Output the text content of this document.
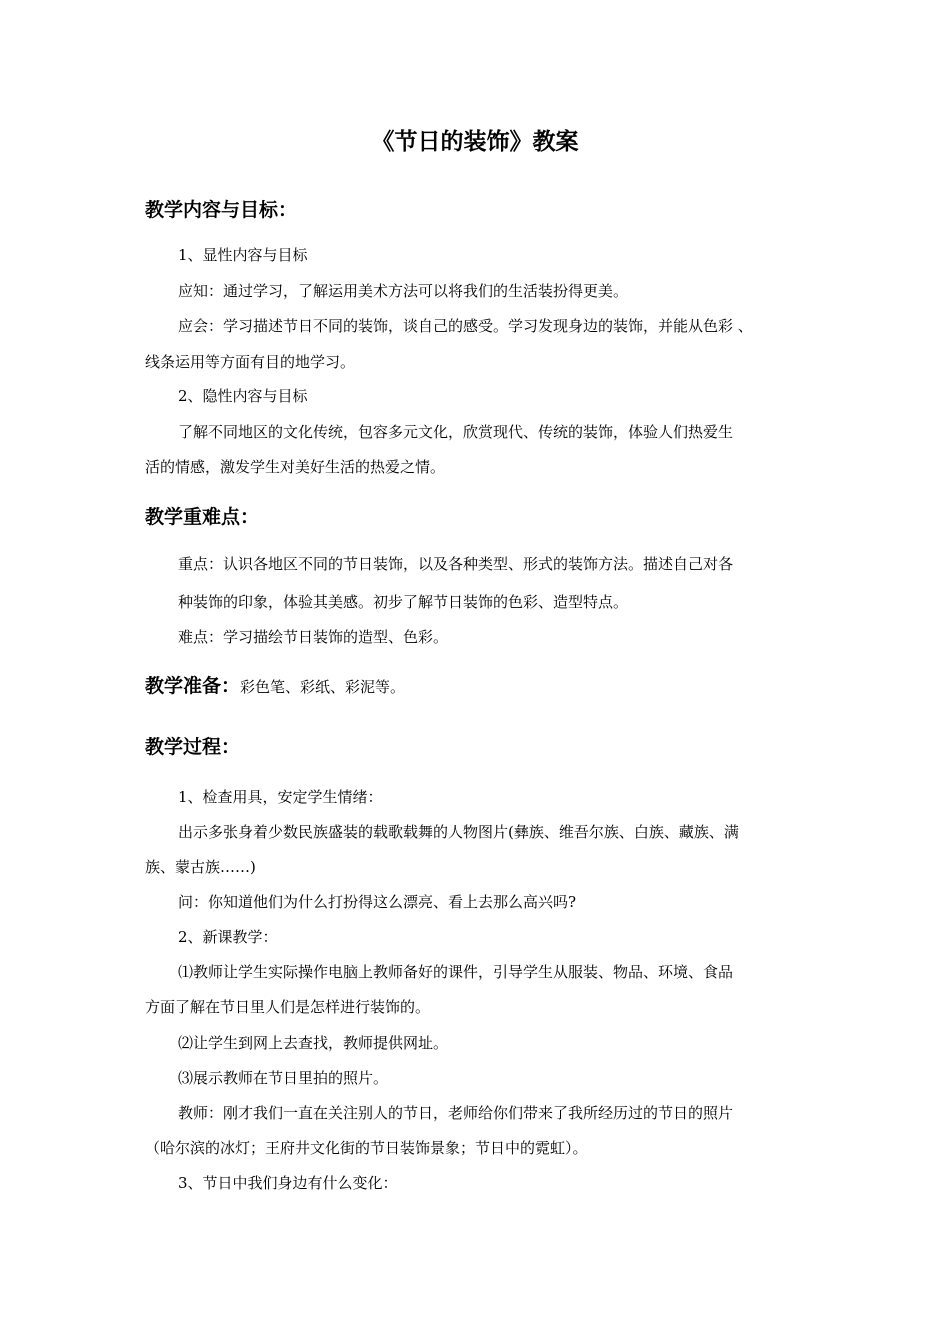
《节日的装饰》教案
教学内容与目标：
1、显性内容与目标
应知：通过学习，了解运用美术方法可以将我们的生活装扮得更美。
应会：学习描述节日不同的装饰，谈自己的感受。学习发现身边的装饰，并能从色彩 、
线条运用等方面有目的地学习。
2、隐性内容与目标
了解不同地区的文化传统，包容多元文化，欣赏现代、传统的装饰，体验人们热爱生
活的情感，激发学生对美好生活的热爱之情。
教学重难点：
重点：认识各地区不同的节日装饰，以及各种类型、形式的装饰方法。描述自己对各
种装饰的印象，体验其美感。初步了解节日装饰的色彩、造型特点。
难点：学习描绘节日装饰的造型、色彩。
教学准备：彩色笔、彩纸、彩泥等。
教学过程：
1、检查用具，安定学生情绪：
出示多张身着少数民族盛装的载歌载舞的人物图片(彝族、维吾尔族、白族、藏族、满
族、蒙古族……)
问：你知道他们为什么打扮得这么漂亮、看上去那么高兴吗?
2、新课教学：
⑴教师让学生实际操作电脑上教师备好的课件，引导学生从服装、物品、环境、食品
方面了解在节日里人们是怎样进行装饰的。
⑵让学生到网上去查找，教师提供网址。
⑶展示教师在节日里拍的照片。
教师：刚才我们一直在关注别人的节日，老师给你们带来了我所经历过的节日的照片
（哈尔滨的冰灯；王府井文化街的节日装饰景象；节日中的霓虹）。
3、节日中我们身边有什么变化：
